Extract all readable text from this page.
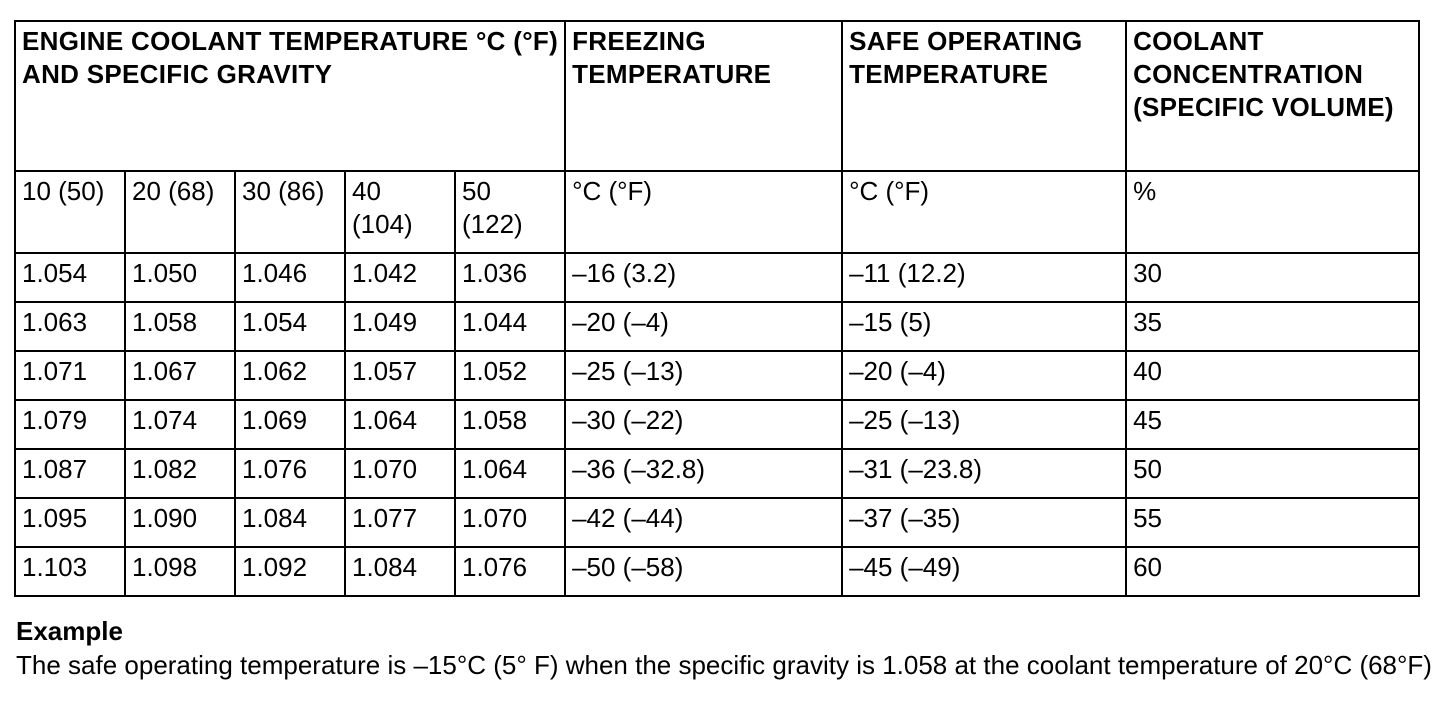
ENGINE COOLANT TEMPERATURE °C (°F) AND SPECIFIC GRAVITY					FREEZING TEMPERATURE	SAFE OPERATING TEMPERATURE	COOLANT CONCENTRATION (SPECIFIC VOLUME)
10 (50)	20 (68)	30 (86)	40 (104)	50 (122)	°C (°F)	°C (°F)	%
1.054	1.050	1.046	1.042	1.036	–16 (3.2)	–11 (12.2)	30
1.063	1.058	1.054	1.049	1.044	–20 (–4)	–15 (5)	35
1.071	1.067	1.062	1.057	1.052	–25 (–13)	–20 (–4)	40
1.079	1.074	1.069	1.064	1.058	–30 (–22)	–25 (–13)	45
1.087	1.082	1.076	1.070	1.064	–36 (–32.8)	–31 (–23.8)	50
1.095	1.090	1.084	1.077	1.070	–42 (–44)	–37 (–35)	55
1.103	1.098	1.092	1.084	1.076	–50 (–58)	–45 (–49)	60

Example

The safe operating temperature is –15°C (5° F) when the specific gravity is 1.058 at the coolant temperature of 20°C (68°F)
